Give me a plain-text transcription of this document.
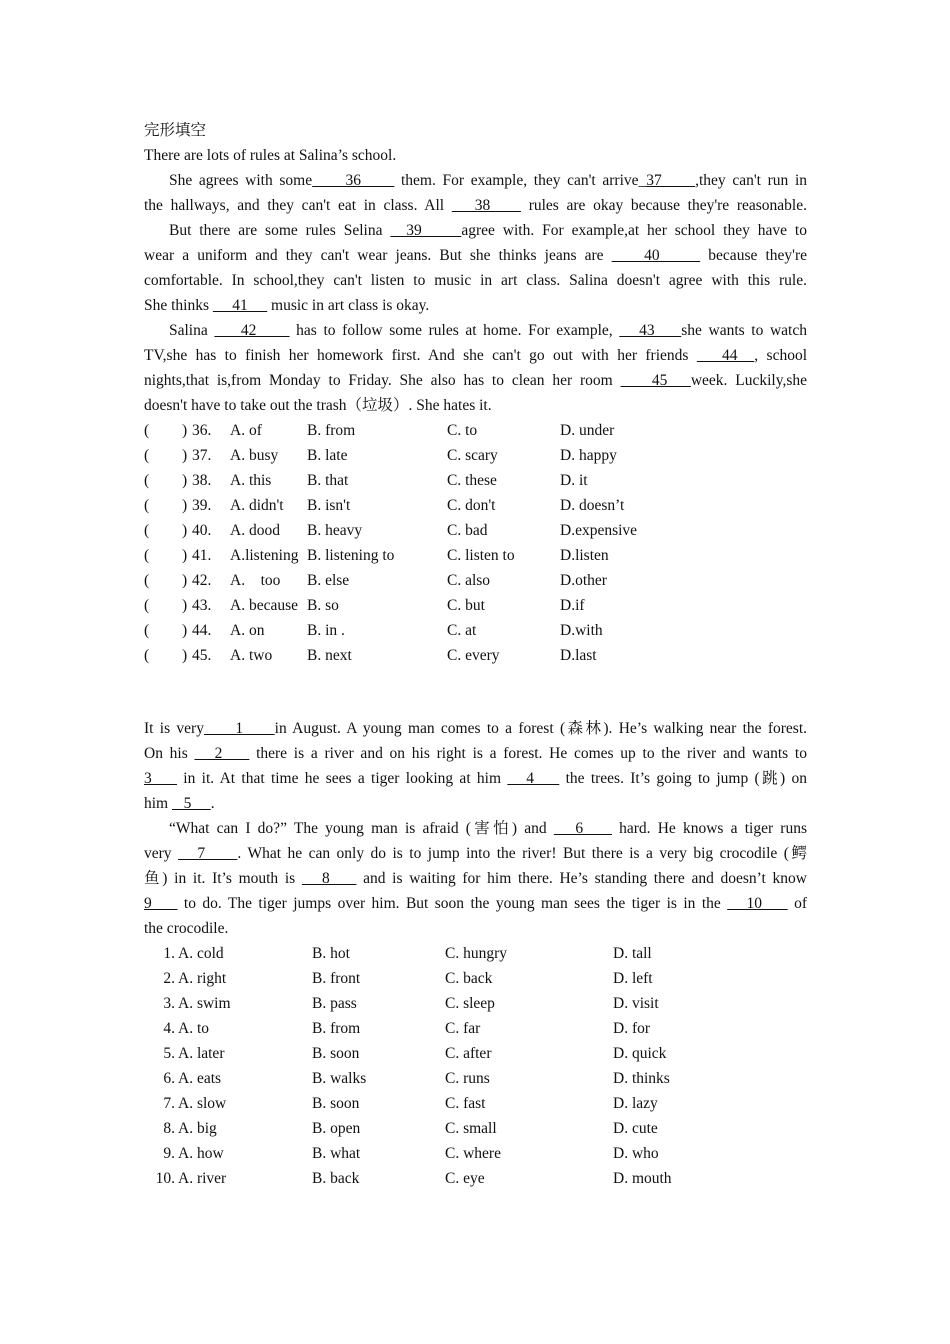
完形填空
There are lots of rules at Salina’s school.
She agrees with some     36      them. For example, they can't arrive_37     ,they can't run in
the hallways, and they can't eat in class. All    38     rules are okay because they're reasonable.
But there are some rules Selina   39     agree with. For example,at her school they have to
wear a uniform and they can't wear jeans. But she thinks jeans are     40      because they're
comfortable. In school,they can't listen to music in art class. Salina doesn't agree with this rule.
She thinks      41      music in art class is okay.
Salina     42      has to follow some rules at home. For example,    43    she wants to watch
TV,she has to finish her homework first. And she can't go out with her friends    44  , school
nights,that is,from Monday to Friday. She also has to clean her room     45   week. Luckily,she
doesn't have to take out the trash（垃圾）. She hates it.
( ) 36. A. of	B. from	C. to	D. under
( ) 37. A. busy B. late	C. scary	D. happy
( ) 38. A. this B. that	C. these	D. it
( ) 39. A. didn't B. isn't	C. don't	D. doesn’t
( ) 40. A. dood B. heavy	C. bad	D.expensive
( ) 41. A.listening B. listening to	C. listen to	D.listen
( ) 42. A.    too B. else	C. also	D.other
( ) 43. A. because B. so	C. but	D.if
( ) 44. A. on	B. in .	C. at	D.with
( ) 45. A. two B. next	C. every	D.last
It is very     1     in August. A young man comes to a forest (森林). He’s walking near the forest.
On his    2     there is a river and on his right is a forest. He comes up to the river and wants to
3     in it. At that time he sees a tiger looking at him    4     the trees. It’s going to jump (跳) on
him    5     .
“What can I do?” The young man is afraid (害怕) and    6     hard. He knows a tiger runs
very    7     . What he can only do is to jump into the river! But there is a very big crocodile (鳄
鱼) in it. It’s mouth is    8     and is waiting for him there. He’s standing there and doesn’t know
9     to do. The tiger jumps over him. But soon the young man sees the tiger is in the    10     of
the crocodile.
1. A. cold	B. hot	C. hungry	D. tall
2. A. right	B. front	C. back	D. left
3. A. swim	B. pass	C. sleep	D. visit
4. A. to	B. from	C. far	D. for
5. A. later	B. soon	C. after	D. quick
6. A. eats	B. walks	C. runs	D. thinks
7. A. slow	B. soon	C. fast	D. lazy
8. A. big	B. open	C. small	D. cute
9. A. how	B. what	C. where	D. who
10. A. river	B. back	C. eye	D. mouth
